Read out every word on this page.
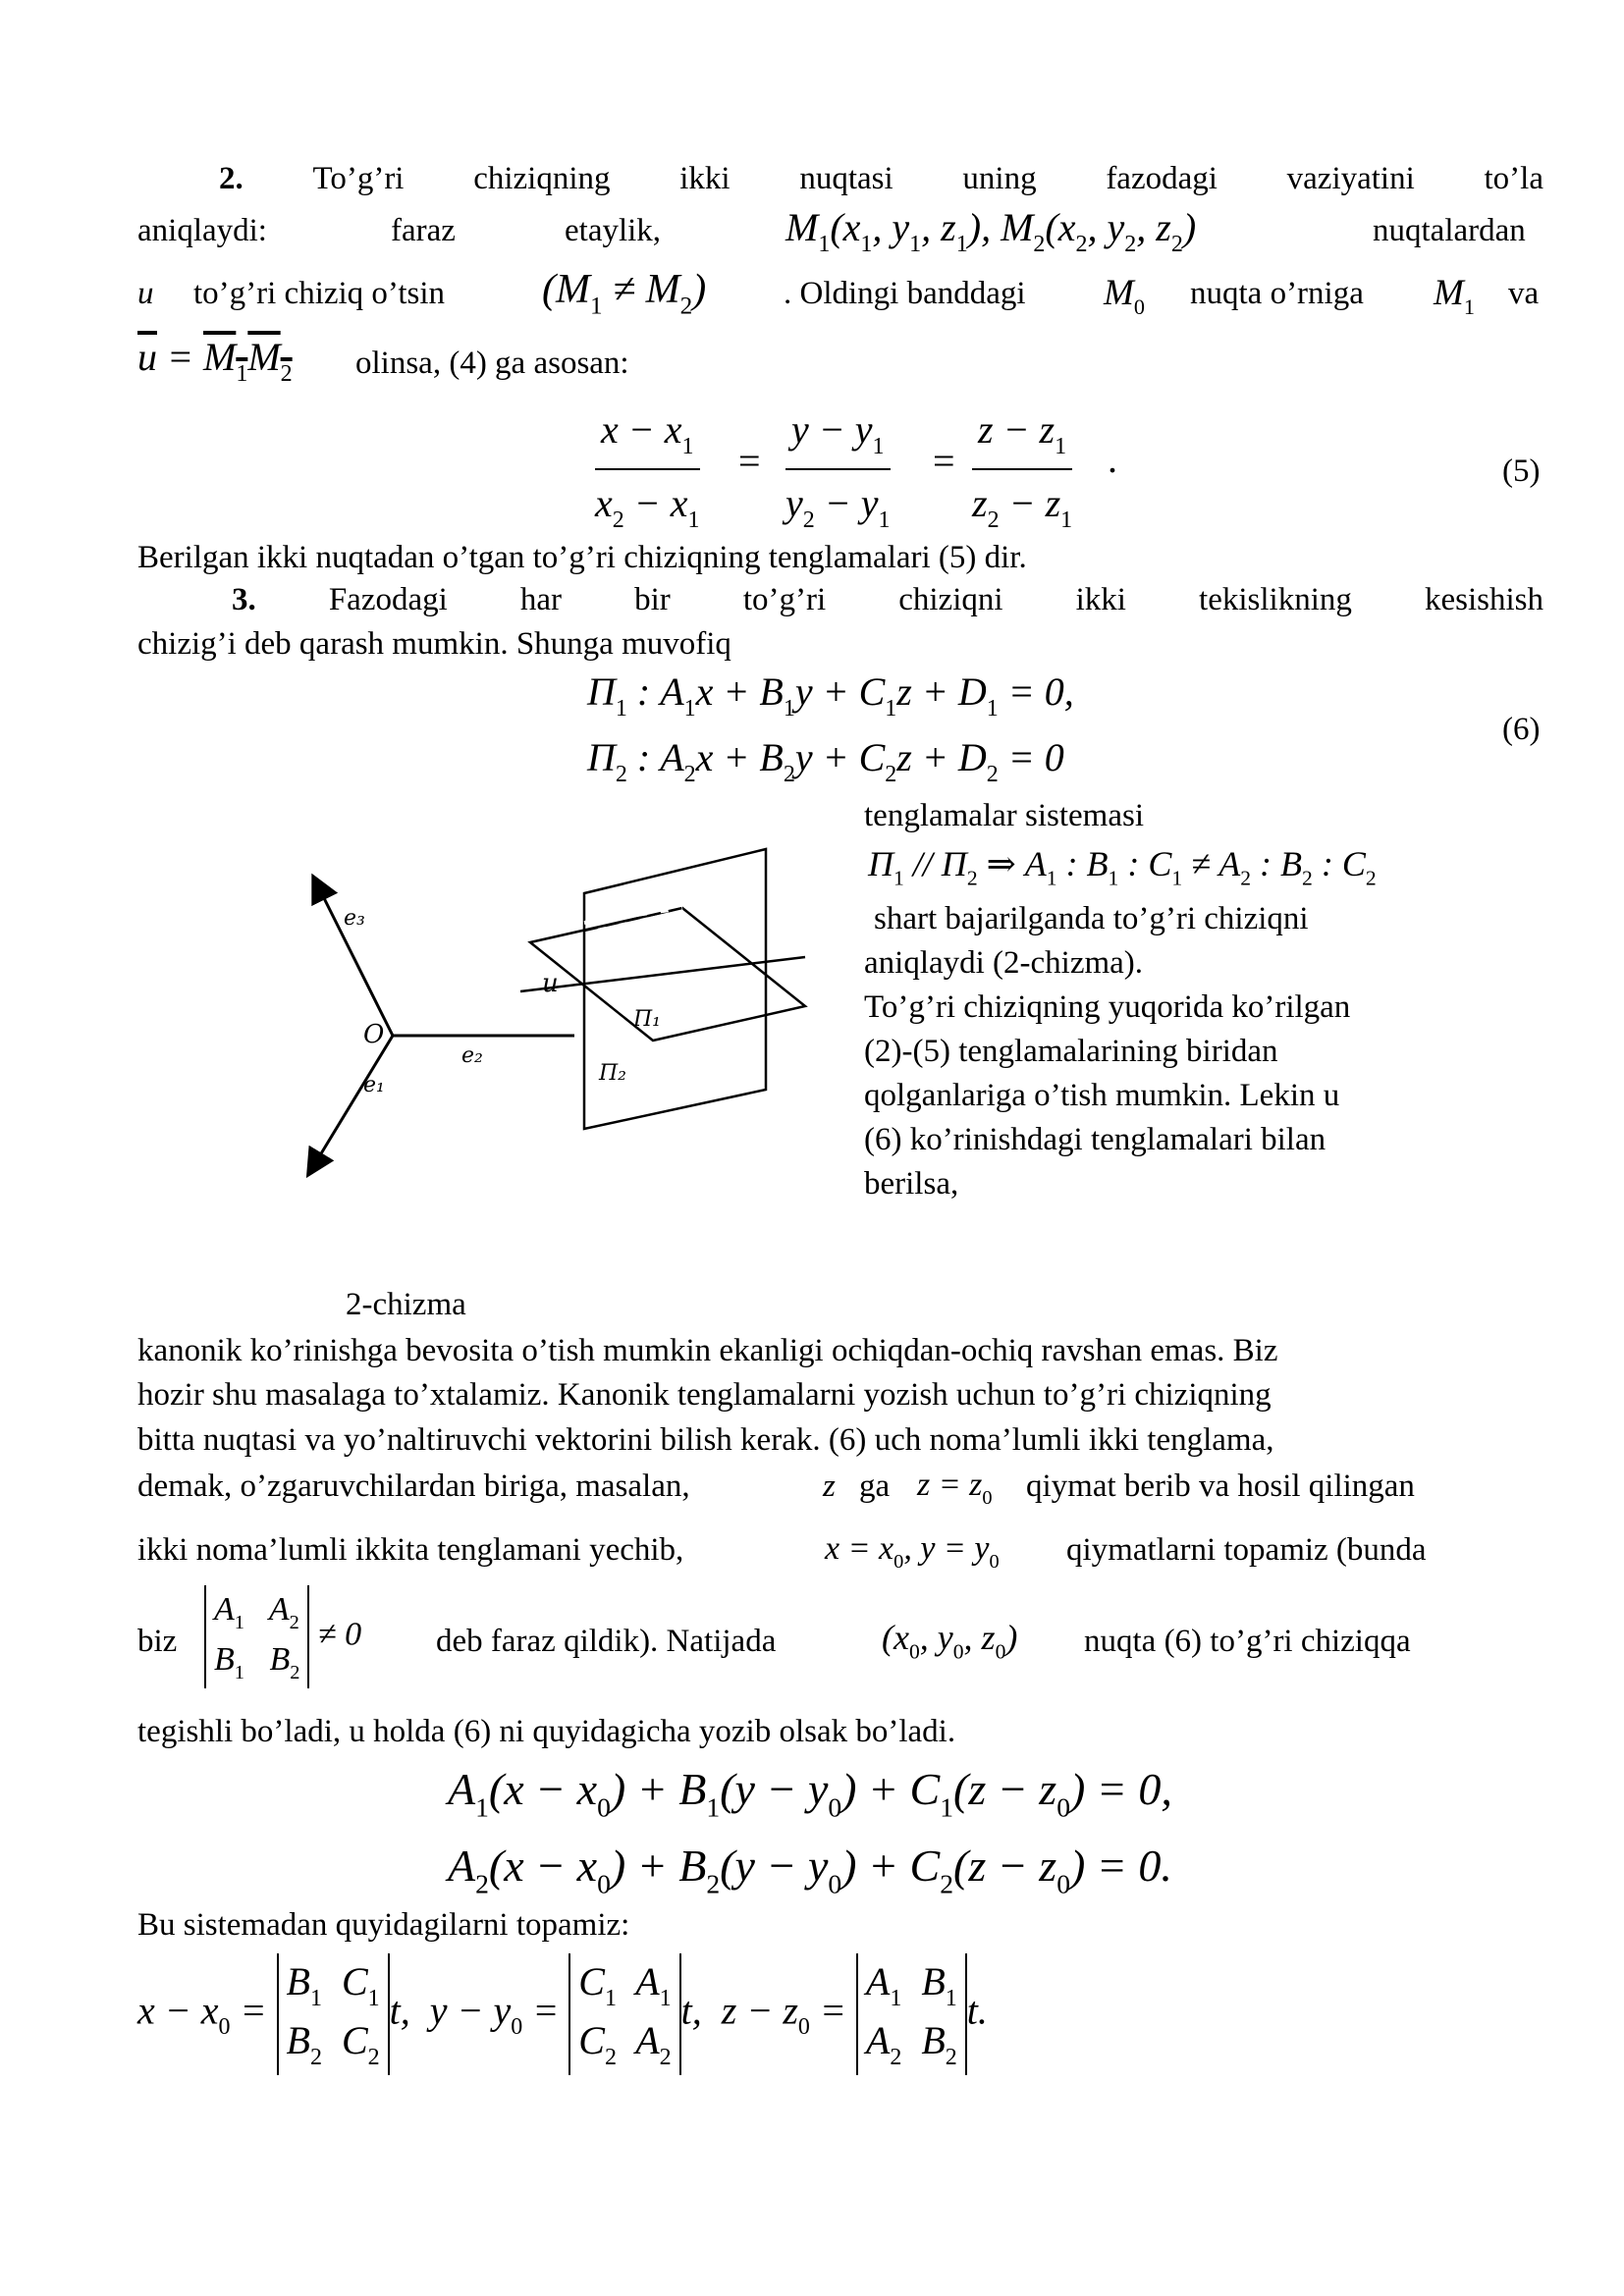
2. To’g’ri chiziqning ikki nuqtasi uning fazodagi vaziyatini to’la
aniqlaydi:	faraz	etaylik,	$M_1(x_1$, $y_1$, $z_1$), $M_2(x_2$, $y_2$, $z_2$)	nuqtalardan
u to’g’ri chiziq o’tsin $(M_1 \ne M_2)$ . Oldingi banddagi $M_0$ nuqta o’rniga $M_1$ va
$\overline{u} = M_1M_2$ olinsa, (4) ga asosan:
$\frac{x - x_1}{x_2 - x_1} = \frac{y - y_1}{y_2 - y_1} = \frac{z - z_1}{z_2 - z_1}$ .	(5)
Berilgan ikki nuqtadan o’tgan to’g’ri chiziqning tenglamalari (5) dir.
3. Fazodagi har bir to’g’ri chiziqni ikki tekislikning kesishish
chizig’i deb qarash mumkin. Shunga muvofiq
$П_1$ : $A_1x + B_1y + C_1z + D_1 = 0$,
$П_2$ : $A_2x + B_2y + C_2z + D_2 = 0$
(6)
tenglamalar sistemasi
$П_1 // П_2$ ⇒ $A_1$ : $B_1$ : $C_1 \ne A_2$ : $B_2$ : $C_2$
shart bajarilganda to’g’ri chiziqni
aniqlaydi (2-chizma).
To’g’ri chiziqning yuqorida ko’rilgan
(2)-(5) tenglamalarining biridan
qolganlariga o’tish mumkin. Lekin u
(6) ko’rinishdagi tenglamalari bilan
berilsa,
e₃
O
e₂
e₁
u
П₁
П₂
2-chizma
kanonik ko’rinishga bevosita o’tish mumkin ekanligi ochiqdan-ochiq ravshan emas. Biz
hozir shu masalaga to’xtalamiz. Kanonik tenglamalarni yozish uchun to’g’ri chiziqning
bitta nuqtasi va yo’naltiruvchi vektorini bilish kerak. (6) uch noma’lumli ikki tenglama,
demak, o’zgaruvchilardan biriga, masalan,	z ga $z = z_0$ qiymat berib va hosil qilingan
ikki noma’lumli ikkita tenglamani yechib,	$x = x_0$, $y = y_0$ qiymatlarni topamiz (bunda
biz
$A_1$   $A_2$
$B_1$   $B_2$
≠ 0 deb faraz qildik). Natijada	($x_0$, $y_0$, $z_0$) nuqta (6) to’g’ri chiziqqa
tegishli bo’ladi, u holda (6) ni quyidagicha yozib olsak bo’ladi.
$A_1(x - x_0) + B_1(y - y_0) + C_1(z - z_0) = 0$,
$A_2(x - x_0) + B_2(y - y_0) + C_2(z - z_0) = 0$.
Bu sistemadan quyidagilarni topamiz:
$x - x_0$ =
$B_1$  $C_1$
$B_2$  $C_2$
t,  $y - y_0$ =
$C_1$  $A_1$
$C_2$  $A_2$
t,  $z - z_0$ =
$A_1$  $B_1$
$A_2$  $B_2$
t.
